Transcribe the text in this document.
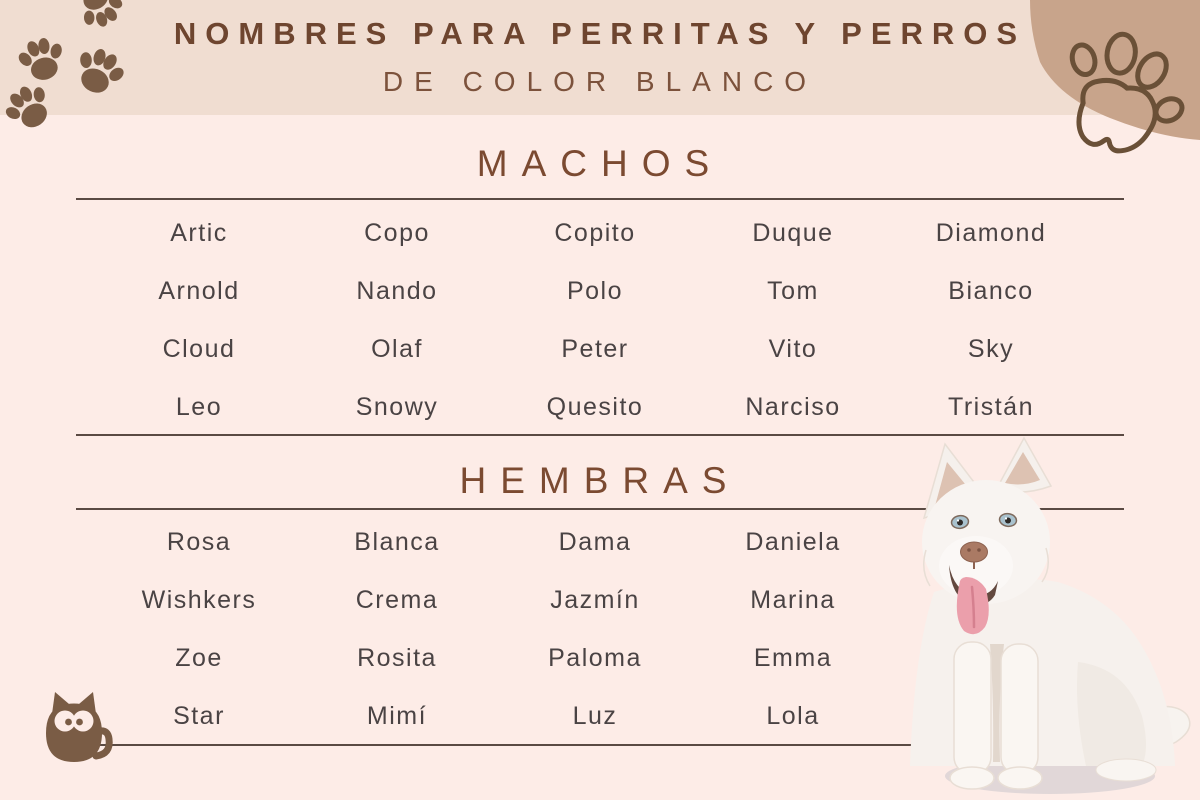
NOMBRES PARA PERRITAS Y PERROS
DE COLOR BLANCO
MACHOS
Artic	Copo	Copito	Duque	Diamond
Arnold	Nando	Polo	Tom	Bianco
Cloud	Olaf	Peter	Vito	Sky
Leo	Snowy	Quesito	Narciso	Tristán
HEMBRAS
Rosa	Blanca	Dama	Daniela
Wishkers	Crema	Jazmín	Marina
Zoe	Rosita	Paloma	Emma
Star	Mimí	Luz	Lola
